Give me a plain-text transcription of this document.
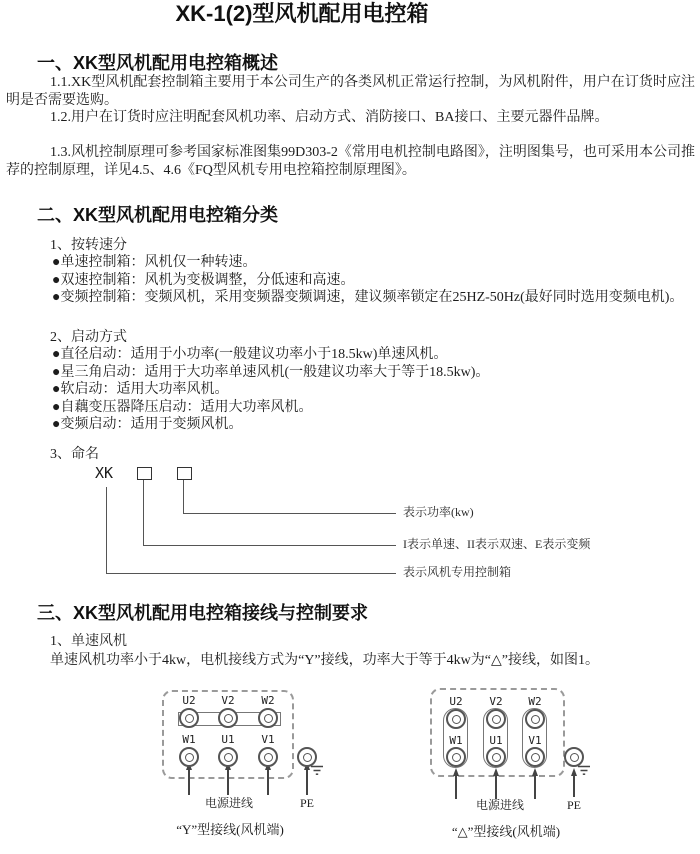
XK-1(2)型风机配用电控箱
一、XK型风机配用电控箱概述
1.1.XK型风机配套控制箱主要用于本公司生产的各类风机正常运行控制，为风机附件，用户在订货时应注明是否需要选购。
1.2.用户在订货时应注明配套风机功率、启动方式、消防接口、BA接口、主要元器件品牌。
1.3.风机控制原理可参考国家标准图集99D303-2《常用电机控制电路图》，注明图集号，也可采用本公司推荐的控制原理，详见4.5、4.6《FQ型风机专用电控箱控制原理图》。
二、XK型风机配用电控箱分类
1、按转速分
●单速控制箱：风机仅一种转速。
●双速控制箱：风机为变极调整，分低速和高速。
●变频控制箱：变频风机，采用变频器变频调速，建议频率锁定在25HZ-50Hz(最好同时选用变频电机)。
2、启动方式
●直径启动：适用于小功率(一般建议功率小于18.5kw)单速风机。
●星三角启动：适用于大功率单速风机(一般建议功率大于等于18.5kw)。
●软启动：适用大功率风机。
●自藕变压器降压启动：适用大功率风机。
●变频启动：适用于变频风机。
3、命名
XK
表示功率(kw)
I表示单速、II表示双速、E表示变频
表示风机专用控制箱
三、XK型风机配用电控箱接线与控制要求
1、单速风机
单速风机功率小于4kw，电机接线方式为“Y”接线，功率大于等于4kw为“△”接线，如图1。
U2	V2	W2
W1	U1	V1
电源进线	PE
“Y”型接线(风机端)
U2	V2	W2
W1	U1	V1
电源进线	PE
“△”型接线(风机端)
